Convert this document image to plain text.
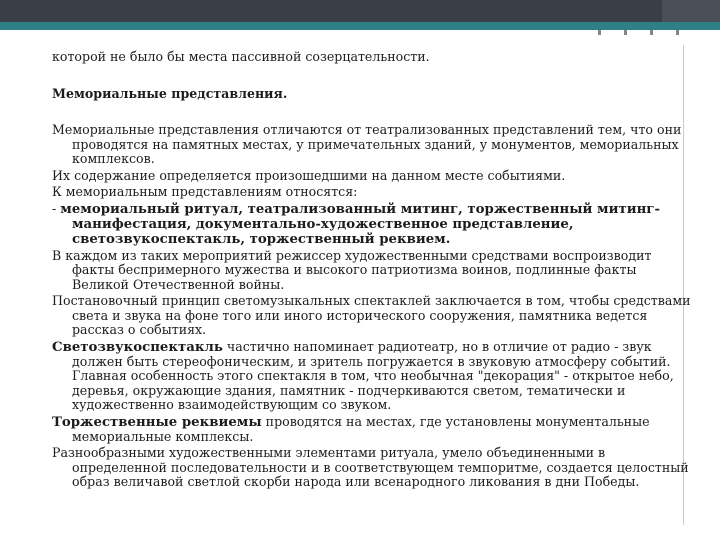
которой не было бы места пассивной созерцательности.

Мемориальные представления.

Мемориальные представления отличаются от театрализованных представлений тем, что они проводятся на памятных местах, у примечательных зданий, у монументов, мемориальных комплексов.

Их содержание определяется произошедшими на данном месте событиями.

К мемориальным представлениям относятся:

- мемориальный ритуал, театрализованный митинг, торжественный митинг-манифестация, документально-художественное представление, светозвукоспектакль, торжественный реквием.

В каждом из таких мероприятий режиссер художественными средствами воспроизводит факты беспримерного мужества и высокого патриотизма воинов, подлинные факты Великой Отечественной войны.

Постановочный принцип светомузыкальных спектаклей заключается в том, чтобы средствами света и звука на фоне того или иного исторического сооружения, памятника ведется рассказ о событиях.

Светозвукоспектакль частично напоминает радиотеатр, но в отличие от радио - звук должен быть стереофоническим, и зритель погружается в звуковую атмосферу событий. Главная особенность этого спектакля в том, что необычная "декорация" - открытое небо, деревья, окружающие здания, памятник - подчеркиваются светом, тематически и художественно взаимодействующим со звуком.

Торжественные реквиемы проводятся на местах, где установлены монументальные мемориальные комплексы.

Разнообразными художественными элементами ритуала, умело объединенными в определенной последовательности и в соответствующем темпоритме, создается целостный образ величавой светлой скорби народа или всенародного ликования в дни Победы.
